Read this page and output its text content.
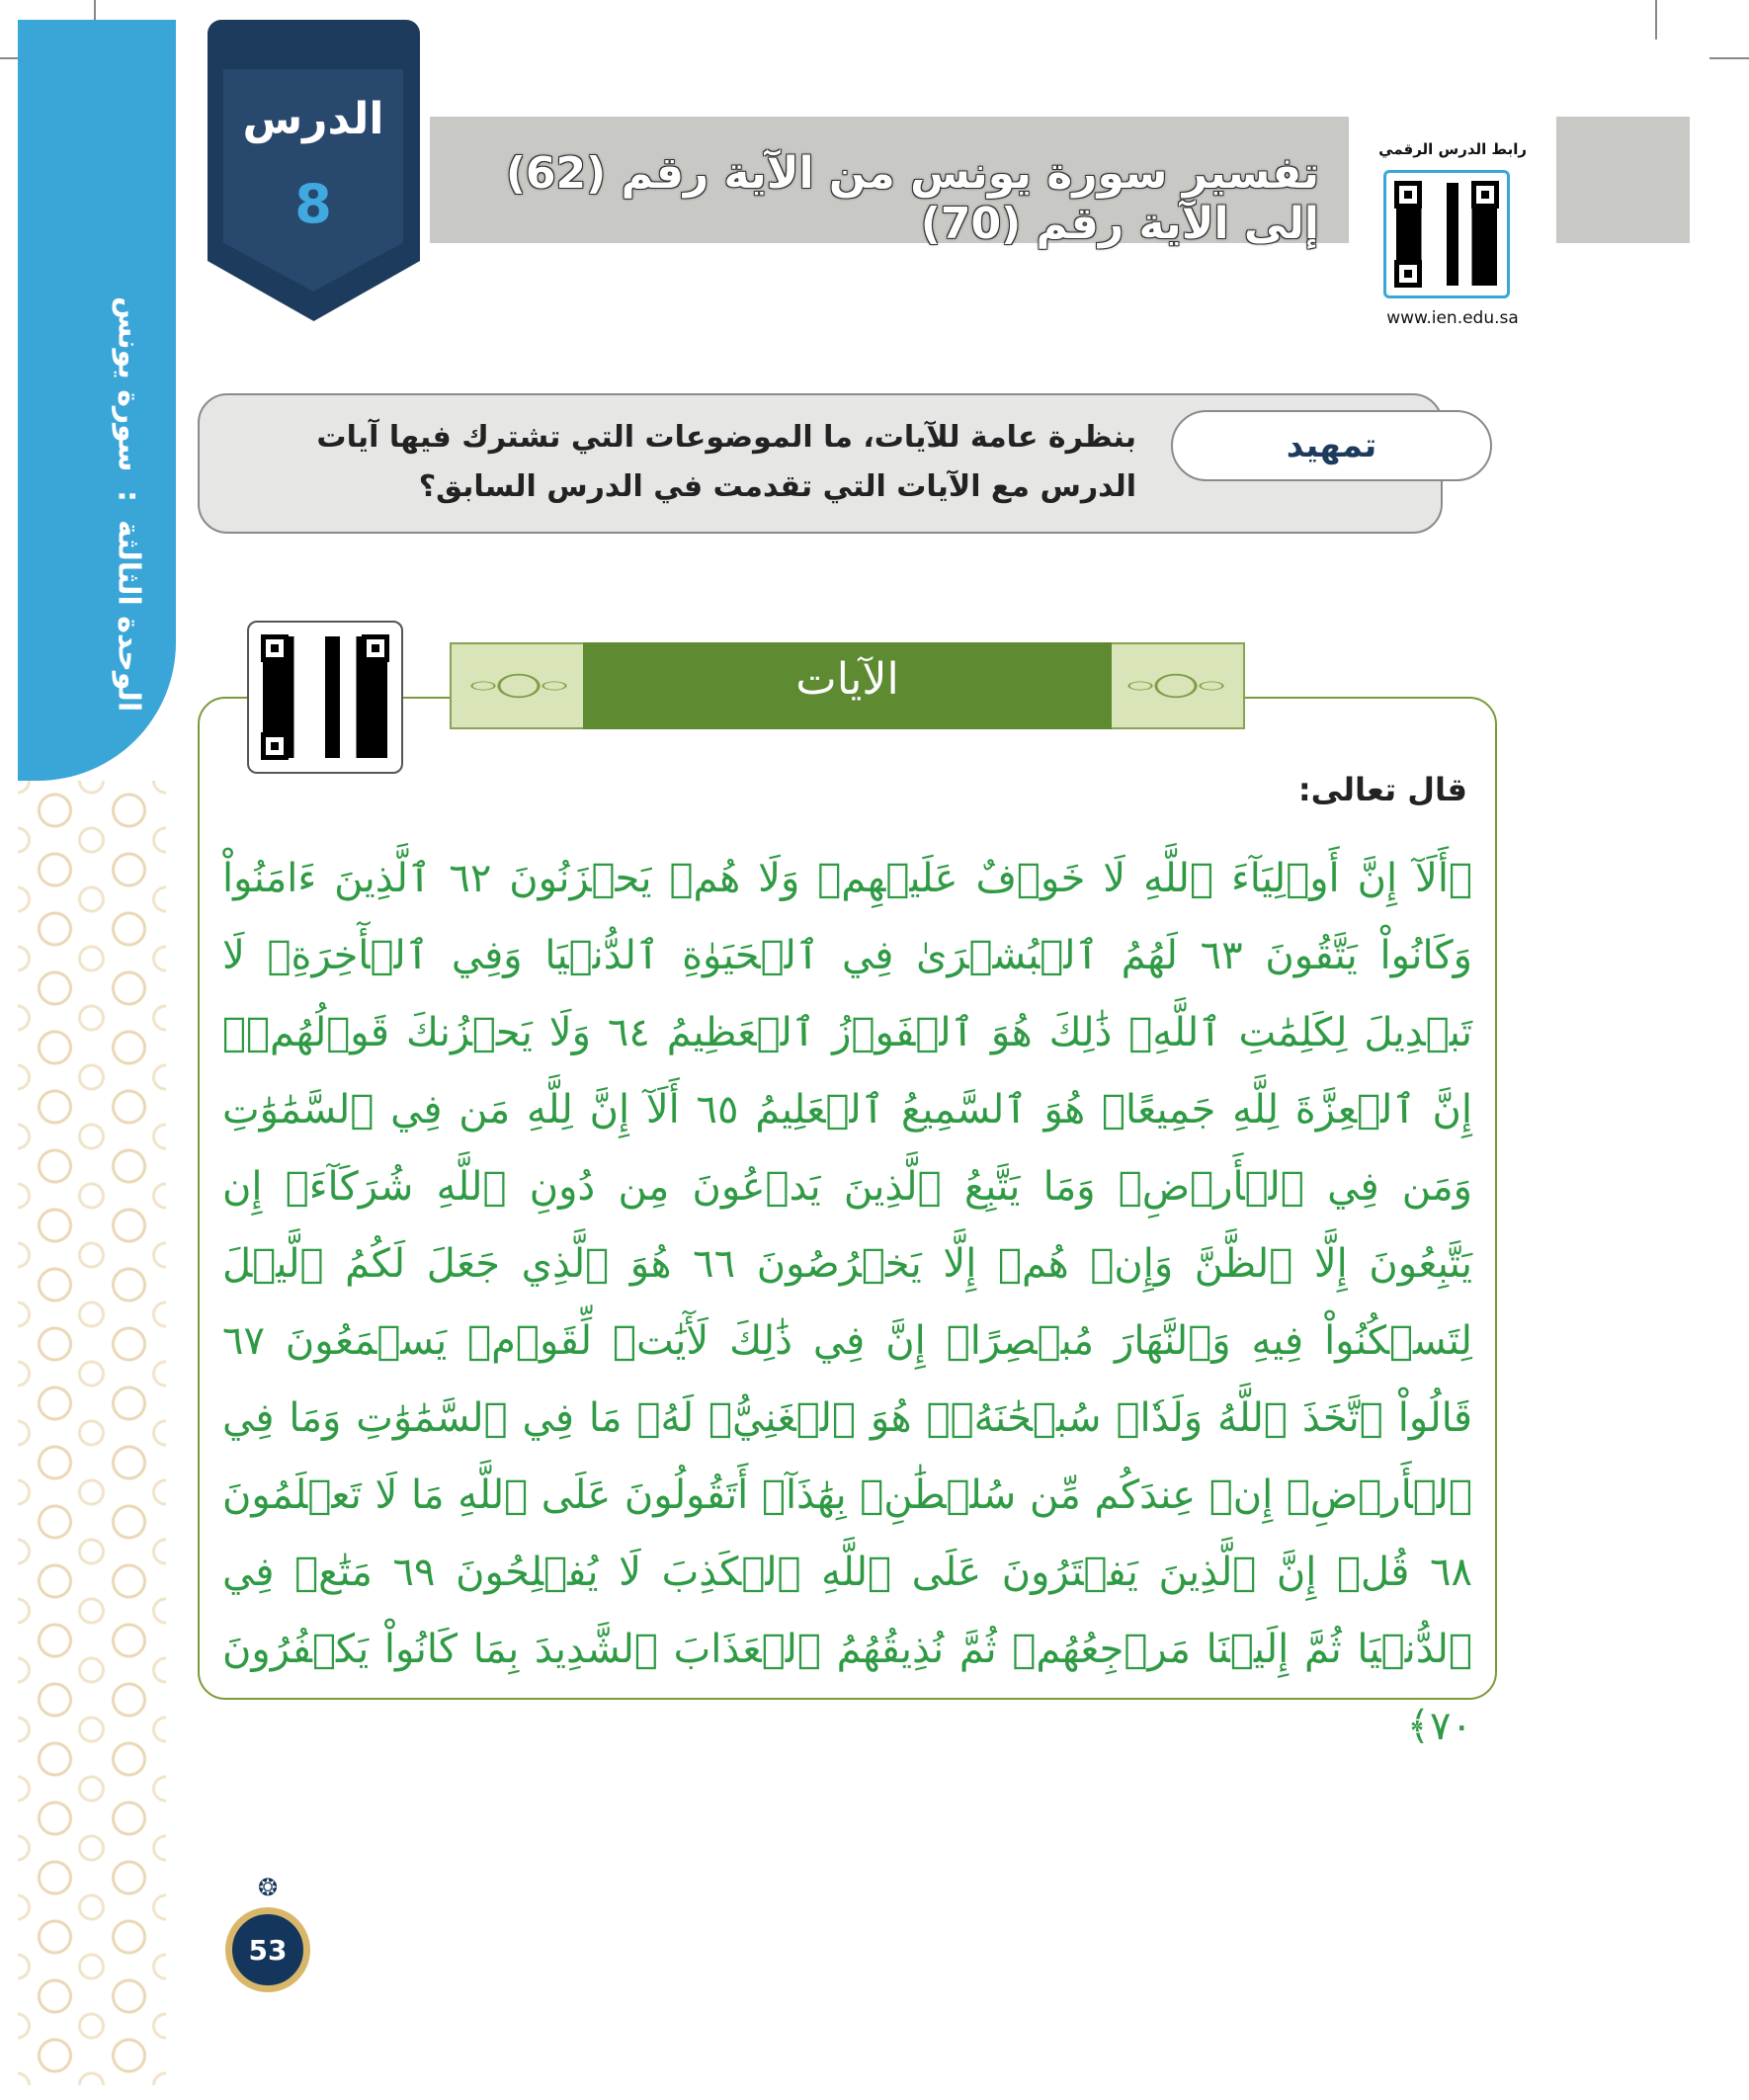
الوحدة الثالثة
:
سورة يونس
الدرس
8	تفسير سورة يونس من الآية رقم (62) إلى الآية رقم (70)
رابط الدرس الرقمي
www.ien.edu.sa
تمهيد
بنظرة عامة للآيات، ما الموضوعات التي تشترك فيها آيات الدرس مع الآيات التي تقدمت في الدرس السابق؟
الآيات
قال تعالى:
﴿أَلَآ إِنَّ أَوۡلِيَآءَ ٱللَّهِ لَا خَوۡفٌ عَلَيۡهِمۡ وَلَا هُمۡ يَحۡزَنُونَ ٦٢ ٱلَّذِينَ ءَامَنُواْ وَكَانُواْ يَتَّقُونَ ٦٣ لَهُمُ ٱلۡبُشۡرَىٰ فِي ٱلۡحَيَوٰةِ ٱلدُّنۡيَا وَفِي ٱلۡأٓخِرَةِۚ لَا تَبۡدِيلَ لِكَلِمَٰتِ ٱللَّهِۚ ذَٰلِكَ هُوَ ٱلۡفَوۡزُ ٱلۡعَظِيمُ ٦٤ وَلَا يَحۡزُنكَ قَوۡلُهُمۡۘ إِنَّ ٱلۡعِزَّةَ لِلَّهِ جَمِيعًاۚ هُوَ ٱلسَّمِيعُ ٱلۡعَلِيمُ ٦٥ أَلَآ إِنَّ لِلَّهِ مَن فِي ٱلسَّمَٰوَٰتِ وَمَن فِي ٱلۡأَرۡضِۗ وَمَا يَتَّبِعُ ٱلَّذِينَ يَدۡعُونَ مِن دُونِ ٱللَّهِ شُرَكَآءَۚ إِن يَتَّبِعُونَ إِلَّا ٱلظَّنَّ وَإِنۡ هُمۡ إِلَّا يَخۡرُصُونَ ٦٦ هُوَ ٱلَّذِي جَعَلَ لَكُمُ ٱلَّيۡلَ لِتَسۡكُنُواْ فِيهِ وَٱلنَّهَارَ مُبۡصِرًاۚ إِنَّ فِي ذَٰلِكَ لَأٓيَٰتٖ لِّقَوۡمٖ يَسۡمَعُونَ ٦٧ قَالُواْ ٱتَّخَذَ ٱللَّهُ وَلَدٗاۗ سُبۡحَٰنَهُۥۖ هُوَ ٱلۡغَنِيُّۖ لَهُۥ مَا فِي ٱلسَّمَٰوَٰتِ وَمَا فِي ٱلۡأَرۡضِۚ إِنۡ عِندَكُم مِّن سُلۡطَٰنِۢ بِهَٰذَآۚ أَتَقُولُونَ عَلَى ٱللَّهِ مَا لَا تَعۡلَمُونَ ٦٨ قُلۡ إِنَّ ٱلَّذِينَ يَفۡتَرُونَ عَلَى ٱللَّهِ ٱلۡكَذِبَ لَا يُفۡلِحُونَ ٦٩ مَتَٰعٞ فِي ٱلدُّنۡيَا ثُمَّ إِلَيۡنَا مَرۡجِعُهُمۡ ثُمَّ نُذِيقُهُمُ ٱلۡعَذَابَ ٱلشَّدِيدَ بِمَا كَانُواْ يَكۡفُرُونَ ٧٠﴾
❂
53
